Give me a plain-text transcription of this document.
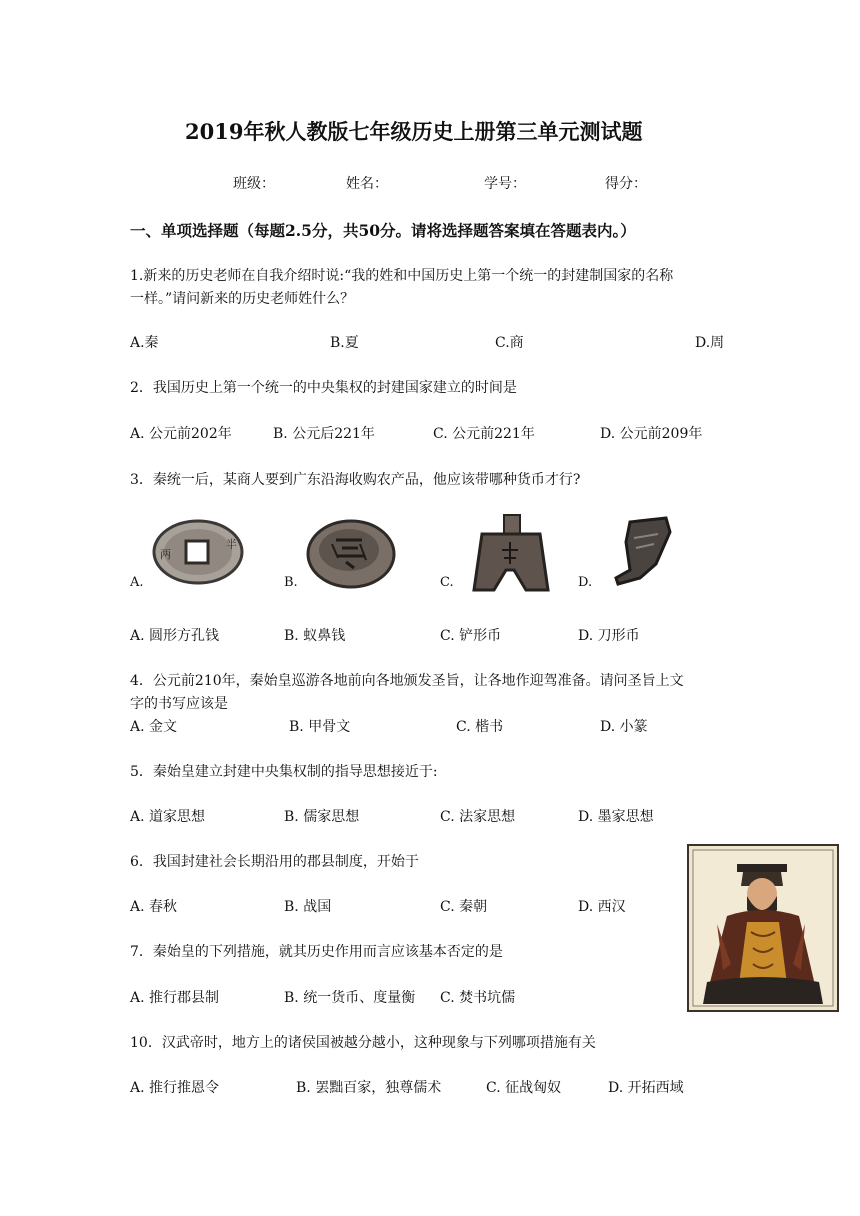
2019年秋人教版七年级历史上册第三单元测试题
班级：	姓名：	学号：	得分：
一、单项选择题（每题2.5分，共50分。请将选择题答案填在答题表内。）
1.新来的历史老师在自我介绍时说:“我的姓和中国历史上第一个统一的封建制国家的名称
一样。”请问新来的历史老师姓什么？
A.秦	B.夏	C.商	D.周
2．我国历史上第一个统一的中央集权的封建国家建立的时间是
A. 公元前202年	B. 公元后221年	C. 公元前221年	D. 公元前209年
3．秦统一后，某商人要到广东沿海收购农产品，他应该带哪种货币才行?
A.
半
两
B.	C.	D.
A. 圆形方孔钱	B. 蚁鼻钱	C. 铲形币	D. 刀形币
4．公元前210年，秦始皇巡游各地前向各地颁发圣旨，让各地作迎驾准备。请问圣旨上文
字的书写应该是
A. 金文	B. 甲骨文	C. 楷书	D. 小篆
5．秦始皇建立封建中央集权制的指导思想接近于:
A. 道家思想	B. 儒家思想	C. 法家思想	D. 墨家思想
6．我国封建社会长期沿用的郡县制度，开始于
A. 春秋	B. 战国	C. 秦朝	D. 西汉
7．秦始皇的下列措施，就其历史作用而言应该基本否定的是
A. 推行郡县制	B. 统一货币、度量衡 C. 焚书坑儒
10．汉武帝时，地方上的诸侯国被越分越小，这种现象与下列哪项措施有关
A. 推行推恩令	B. 罢黜百家，独尊儒术	C. 征战匈奴	D. 开拓西域
